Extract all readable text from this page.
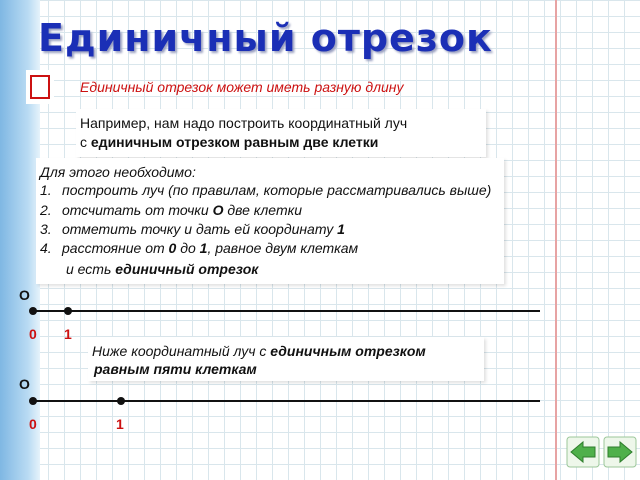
Единичный отрезок
Единичный отрезок может иметь разную длину
Например, нам надо построить координатный луч
с единичным отрезком равным две клетки
Для этого необходимо:
1. построить луч (по правилам, которые рассматривались выше)
2. отсчитать от точки О две клетки
3. отметить точку и дать ей координату 1
4. расстояние от 0 до 1, равное двум клеткам
и есть единичный отрезок
O
0 1
Ниже координатный луч с единичным отрезком
равным пяти клеткам
O
0	1
